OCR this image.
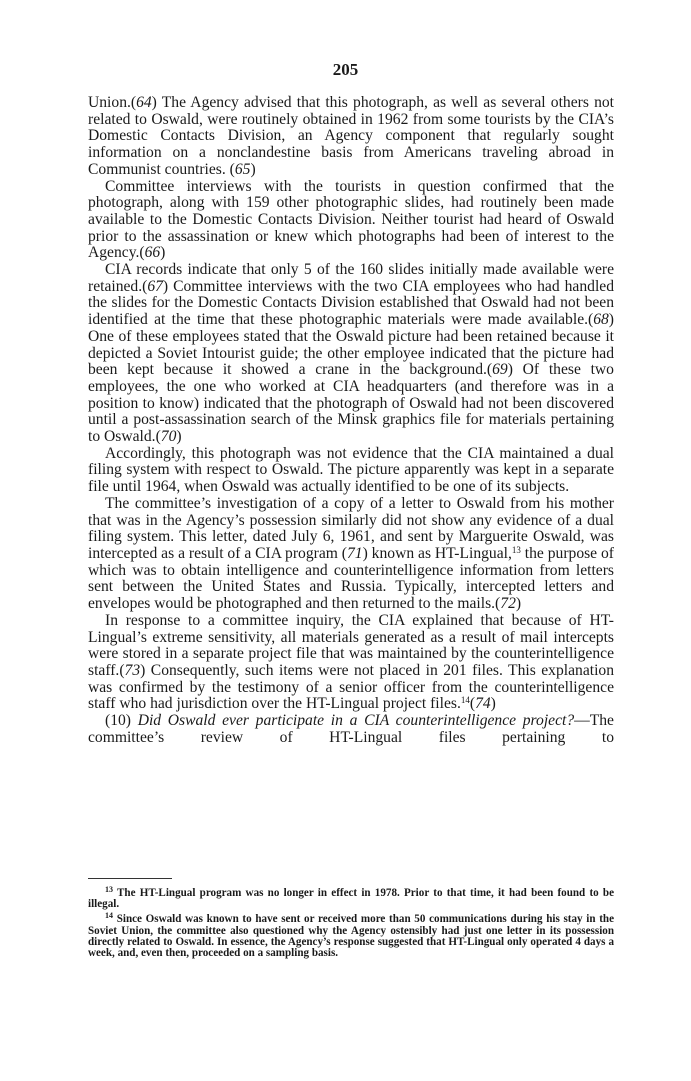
205

Union.(64) The Agency advised that this photograph, as well as several others not related to Oswald, were routinely obtained in 1962 from some tourists by the CIA’s Domestic Contacts Division, an Agency component that regularly sought information on a nonclandestine basis from Americans traveling abroad in Communist countries. (65)

Committee interviews with the tourists in question confirmed that the photograph, along with 159 other photographic slides, had routinely been made available to the Domestic Contacts Division. Neither tourist had heard of Oswald prior to the assassination or knew which photographs had been of interest to the Agency.(66)

CIA records indicate that only 5 of the 160 slides initially made available were retained.(67) Committee interviews with the two CIA employees who had handled the slides for the Domestic Contacts Division established that Oswald had not been identified at the time that these photographic materials were made available.(68) One of these employees stated that the Oswald picture had been retained because it depicted a Soviet Intourist guide; the other employee indicated that the picture had been kept because it showed a crane in the background.(69) Of these two employees, the one who worked at CIA headquarters (and therefore was in a position to know) indicated that the photograph of Oswald had not been discovered until a post-assassination search of the Minsk graphics file for materials pertaining to Oswald.(70)

Accordingly, this photograph was not evidence that the CIA maintained a dual filing system with respect to Oswald. The picture apparently was kept in a separate file until 1964, when Oswald was actually identified to be one of its subjects.

The committee’s investigation of a copy of a letter to Oswald from his mother that was in the Agency’s possession similarly did not show any evidence of a dual filing system. This letter, dated July 6, 1961, and sent by Marguerite Oswald, was intercepted as a result of a CIA program (71) known as HT-Lingual,$^{13}$ the purpose of which was to obtain intelligence and counterintelligence information from letters sent between the United States and Russia. Typically, intercepted letters and envelopes would be photographed and then returned to the mails.(72)

In response to a committee inquiry, the CIA explained that because of HT-Lingual’s extreme sensitivity, all materials generated as a result of mail intercepts were stored in a separate project file that was maintained by the counterintelligence staff.(73) Consequently, such items were not placed in 201 files. This explanation was confirmed by the testimony of a senior officer from the counterintelligence staff who had jurisdiction over the HT-Lingual project files.$^{14}$(74)

(10) Did Oswald ever participate in a CIA counterintelligence project?—The committee’s review of HT-Lingual files pertaining to

$^{13}$ The HT-Lingual program was no longer in effect in 1978. Prior to that time, it had been found to be illegal.

$^{14}$ Since Oswald was known to have sent or received more than 50 communications during his stay in the Soviet Union, the committee also questioned why the Agency ostensibly had just one letter in its possession directly related to Oswald. In essence, the Agency’s response suggested that HT-Lingual only operated 4 days a week, and, even then, proceeded on a sampling basis.
